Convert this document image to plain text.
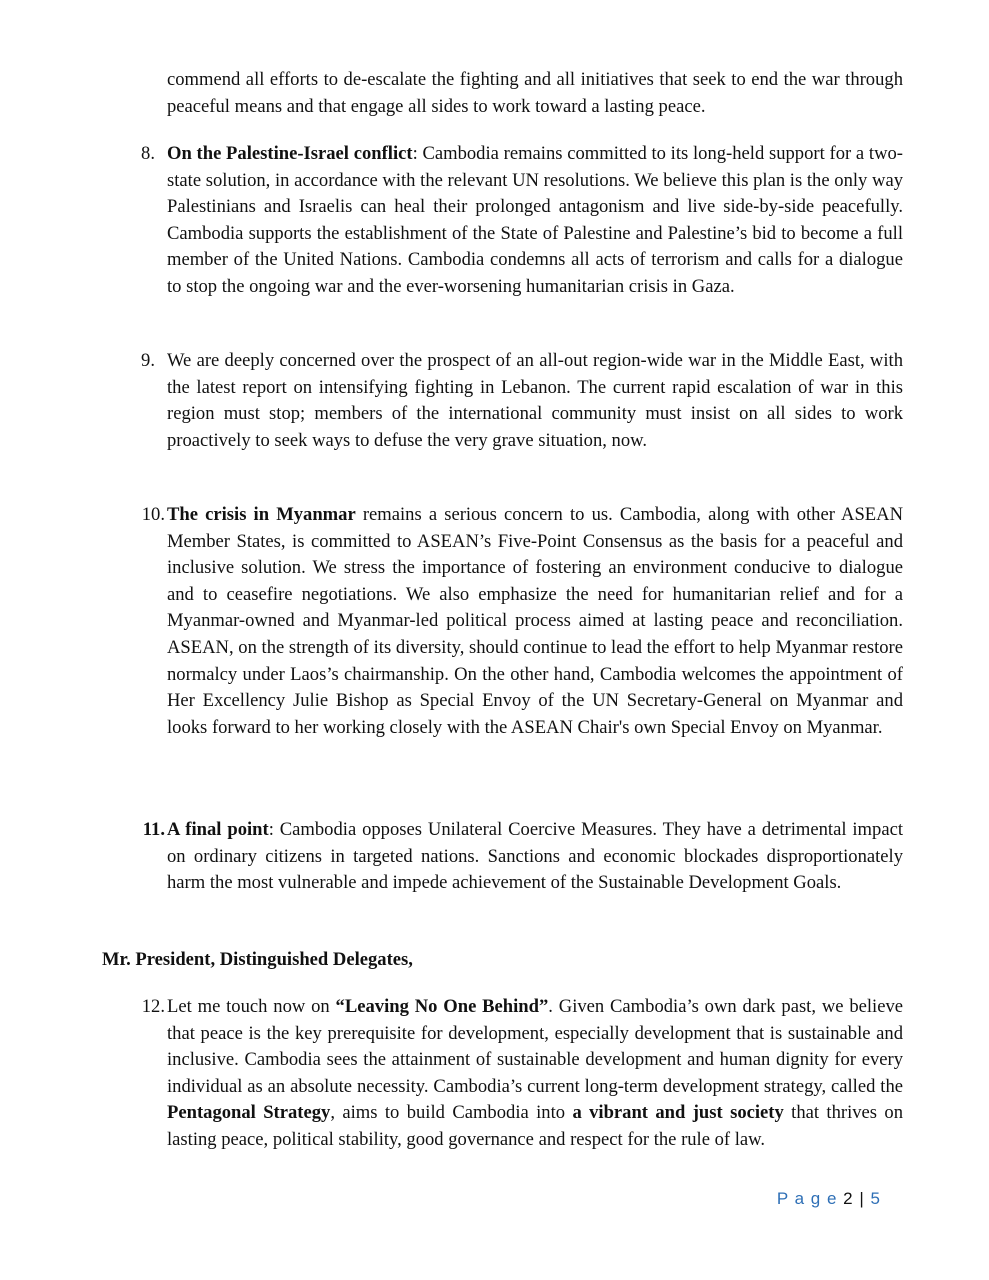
commend all efforts to de-escalate the fighting and all initiatives that seek to end the war through peaceful means and that engage all sides to work toward a lasting peace.
8. On the Palestine-Israel conflict: Cambodia remains committed to its long-held support for a two-state solution, in accordance with the relevant UN resolutions. We believe this plan is the only way Palestinians and Israelis can heal their prolonged antagonism and live side-by-side peacefully. Cambodia supports the establishment of the State of Palestine and Palestine’s bid to become a full member of the United Nations. Cambodia condemns all acts of terrorism and calls for a dialogue to stop the ongoing war and the ever-worsening humanitarian crisis in Gaza.
9. We are deeply concerned over the prospect of an all-out region-wide war in the Middle East, with the latest report on intensifying fighting in Lebanon. The current rapid escalation of war in this region must stop; members of the international community must insist on all sides to work proactively to seek ways to defuse the very grave situation, now.
10. The crisis in Myanmar remains a serious concern to us. Cambodia, along with other ASEAN Member States, is committed to ASEAN’s Five-Point Consensus as the basis for a peaceful and inclusive solution. We stress the importance of fostering an environment conducive to dialogue and to ceasefire negotiations. We also emphasize the need for humanitarian relief and for a Myanmar-owned and Myanmar-led political process aimed at lasting peace and reconciliation. ASEAN, on the strength of its diversity, should continue to lead the effort to help Myanmar restore normalcy under Laos’s chairmanship. On the other hand, Cambodia welcomes the appointment of Her Excellency Julie Bishop as Special Envoy of the UN Secretary-General on Myanmar and looks forward to her working closely with the ASEAN Chair's own Special Envoy on Myanmar.
11. A final point: Cambodia opposes Unilateral Coercive Measures. They have a detrimental impact on ordinary citizens in targeted nations. Sanctions and economic blockades disproportionately harm the most vulnerable and impede achievement of the Sustainable Development Goals.
Mr. President, Distinguished Delegates,
12. Let me touch now on “Leaving No One Behind”. Given Cambodia’s own dark past, we believe that peace is the key prerequisite for development, especially development that is sustainable and inclusive. Cambodia sees the attainment of sustainable development and human dignity for every individual as an absolute necessity. Cambodia’s current long-term development strategy, called the Pentagonal Strategy, aims to build Cambodia into a vibrant and just society that thrives on lasting peace, political stability, good governance and respect for the rule of law.
P a g e 2 | 5
